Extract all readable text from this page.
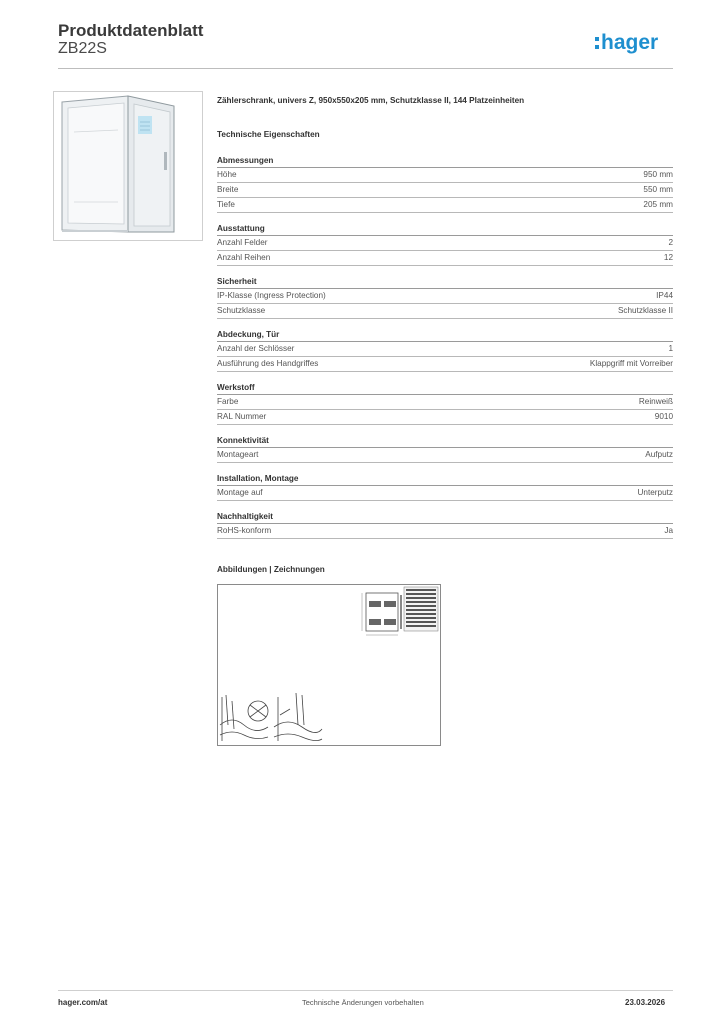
Produktdatenblatt
ZB22S	hager
Zählerschrank, univers Z, 950x550x205 mm, Schutzklasse II, 144 Platzeinheiten
Technische Eigenschaften
Abmessungen
Höhe	950 mm
Breite	550 mm
Tiefe	205 mm
Ausstattung
Anzahl Felder	2
Anzahl Reihen	12
Sicherheit
IP-Klasse (Ingress Protection)	IP44
Schutzklasse	Schutzklasse II
Abdeckung, Tür
Anzahl der Schlösser	1
Ausführung des Handgriffes	Klappgriff mit Vorreiber
Werkstoff
Farbe	Reinweiß
RAL Nummer	9010
Konnektivität
Montageart	Aufputz
Installation, Montage
Montage auf	Unterputz
Nachhaltigkeit
RoHS-konform	Ja
Abbildungen | Zeichnungen
hager.com/at	Technische Änderungen vorbehalten	23.03.2026
